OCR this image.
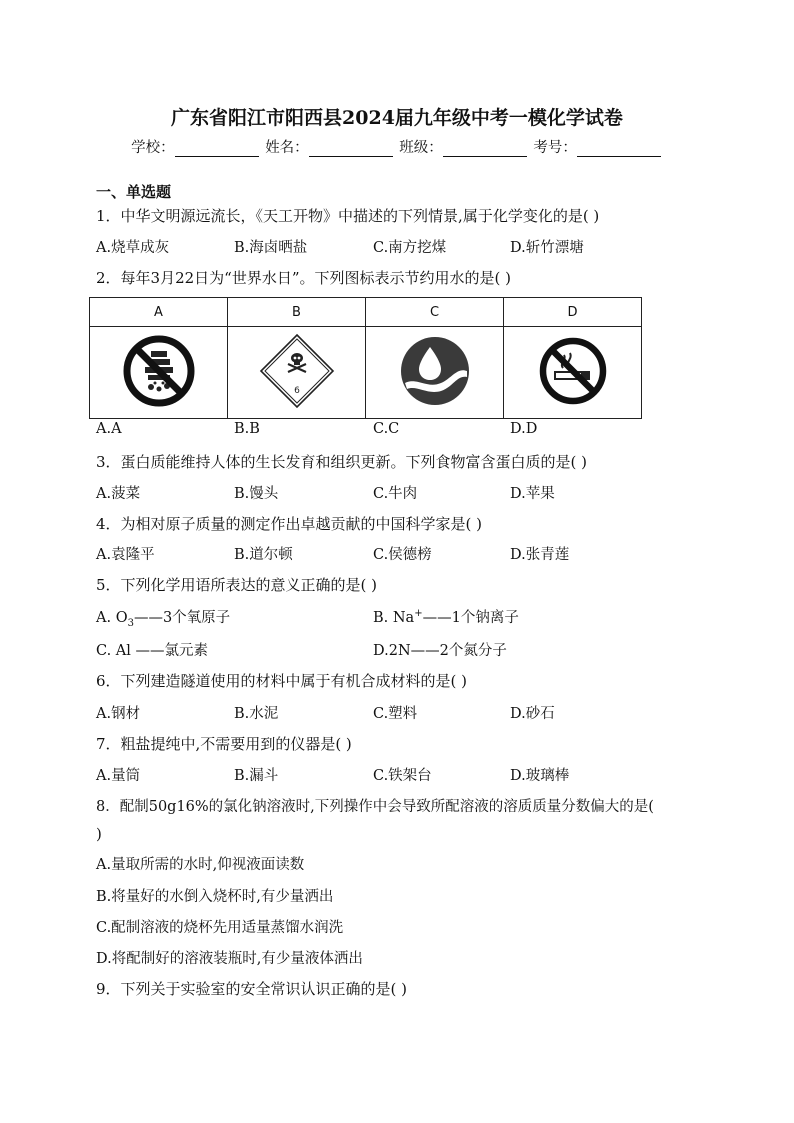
广东省阳江市阳西县2024届九年级中考一模化学试卷
学校：	姓名：	班级：	考号：
一、单选题
1．中华文明源远流长，《天工开物》中描述的下列情景,属于化学变化的是( )
A.烧草成灰	B.海卤晒盐	C.南方挖煤	D.斩竹漂塘
2．每年3月22日为“世界水日”。下列图标表示节约用水的是( )
A	B	C	D

6

A.A	B.B	C.C	D.D
3．蛋白质能维持人体的生长发育和组织更新。下列食物富含蛋白质的是( )
A.菠菜	B.馒头	C.牛肉	D.苹果
4．为相对原子质量的测定作出卓越贡献的中国科学家是( )
A.袁隆平	B.道尔顿	C.侯德榜	D.张青莲
5．下列化学用语所表达的意义正确的是( )
A. $O_3——3$个氧原子	B. Na+——1个钠离子
C. Al ——氯元素	D.2N——2个氮分子
6．下列建造隧道使用的材料中属于有机合成材料的是( )
A.钢材	B.水泥	C.塑料	D.砂石
7．粗盐提纯中,不需要用到的仪器是( )
A.量筒	B.漏斗	C.铁架台	D.玻璃棒
8．配制50g16%的氯化钠溶液时,下列操作中会导致所配溶液的溶质质量分数偏大的是(
)
A.量取所需的水时,仰视液面读数
B.将量好的水倒入烧杯时,有少量洒出
C.配制溶液的烧杯先用适量蒸馏水润洗
D.将配制好的溶液装瓶时,有少量液体洒出
9．下列关于实验室的安全常识认识正确的是( )
